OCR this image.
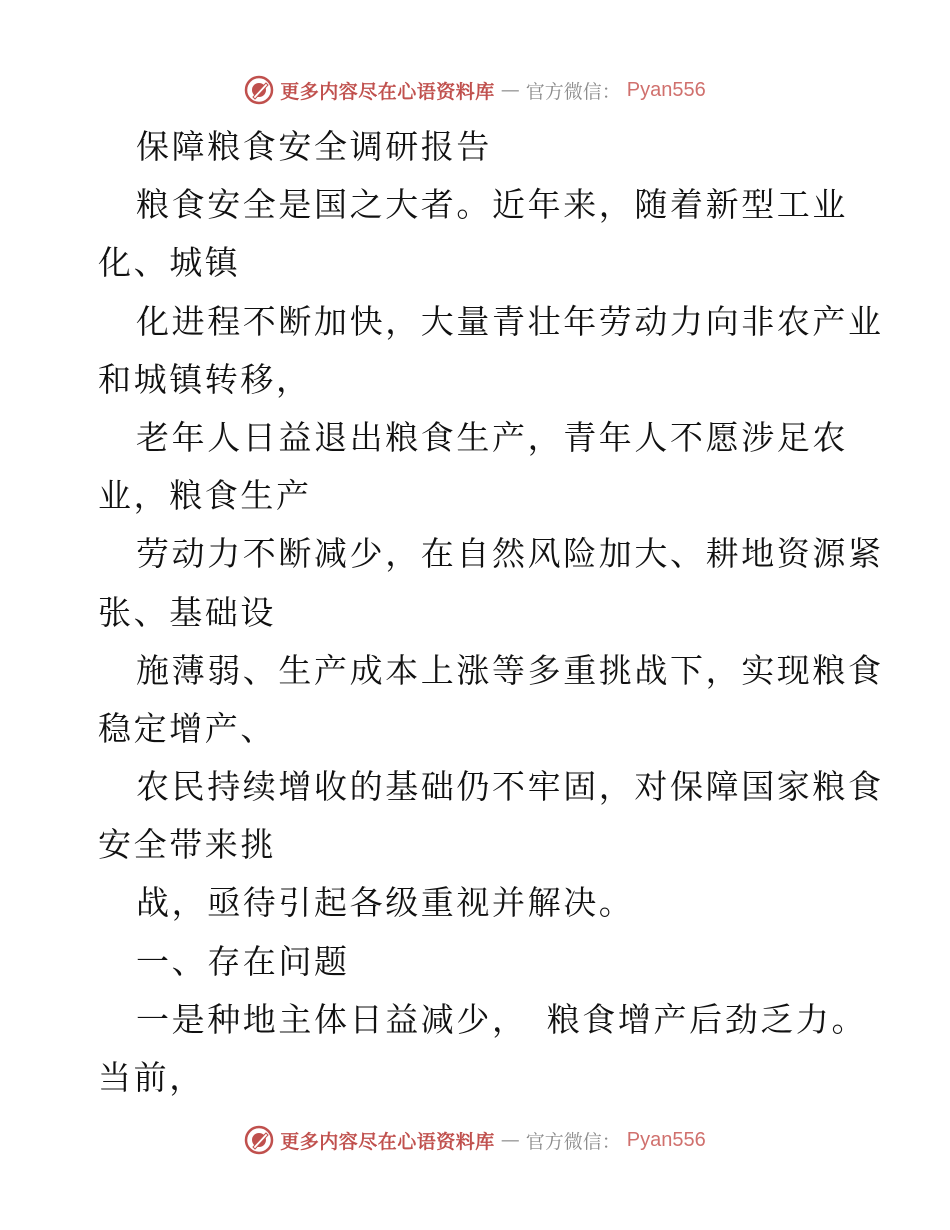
更多内容尽在心语资料库 — 官方微信： Pyan556
保障粮食安全调研报告
粮食安全是国之大者。近年来，随着新型工业
化、城镇
化进程不断加快，大量青壮年劳动力向非农产业
和城镇转移，
老年人日益退出粮食生产，青年人不愿涉足农
业，粮食生产
劳动力不断减少，在自然风险加大、耕地资源紧
张、基础设
施薄弱、生产成本上涨等多重挑战下，实现粮食
稳定增产、
农民持续增收的基础仍不牢固，对保障国家粮食
安全带来挑
战，亟待引起各级重视并解决。
一、存在问题
一是种地主体日益减少，　粮食增产后劲乏力。
当前，
更多内容尽在心语资料库 — 官方微信： Pyan556
